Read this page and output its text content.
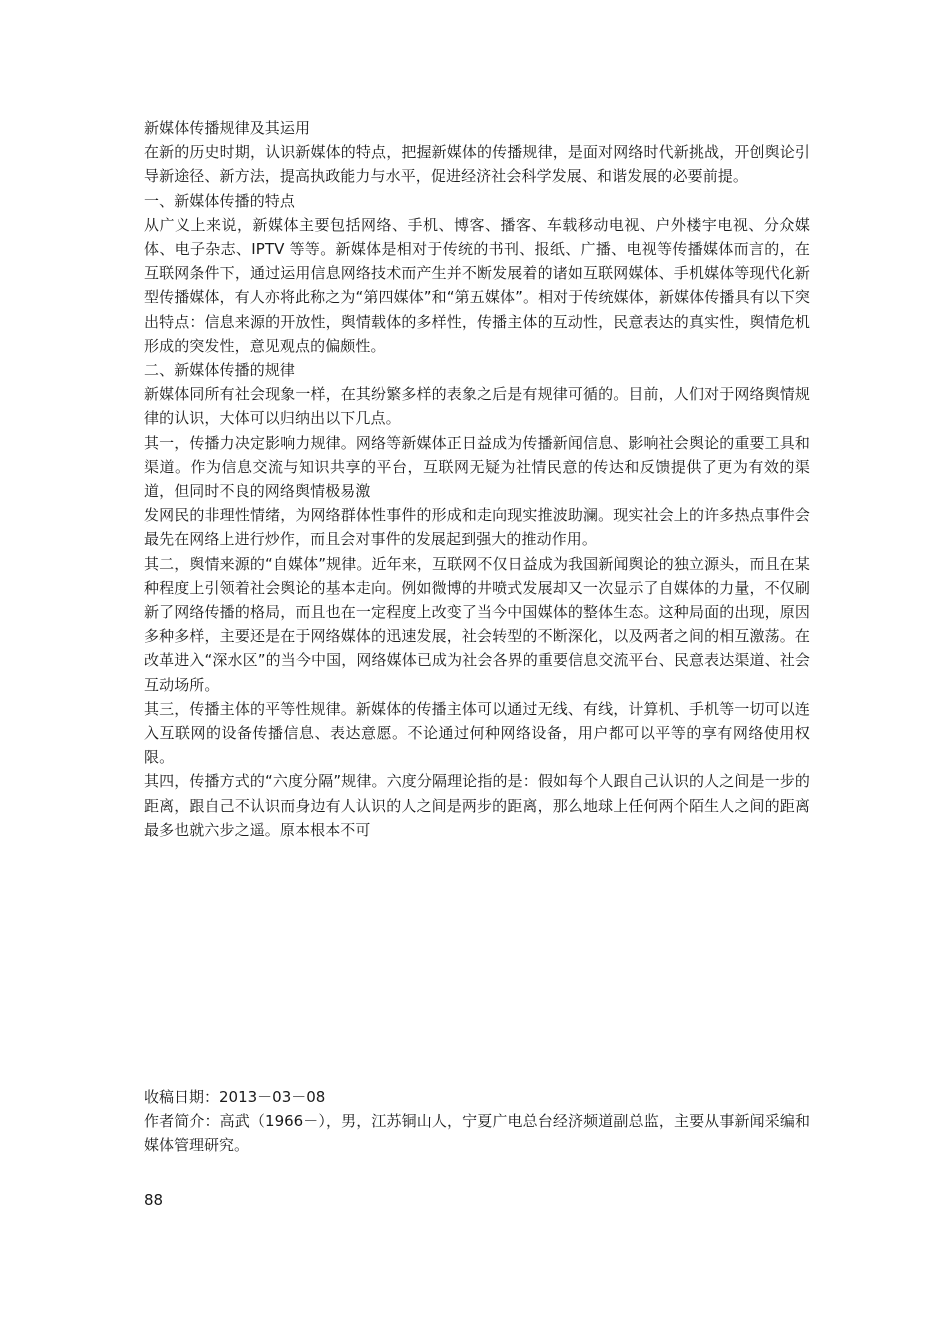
新媒体传播规律及其运用

在新的历史时期，认识新媒体的特点，把握新媒体的传播规律，是面对网络时代新挑战，开创舆论引导新途径、新方法，提高执政能力与水平，促进经济社会科学发展、和谐发展的必要前提。

一、新媒体传播的特点

从广义上来说，新媒体主要包括网络、手机、博客、播客、车载移动电视、户外楼宇电视、分众媒体、电子杂志、IPTV 等等。新媒体是相对于传统的书刊、报纸、广播、电视等传播媒体而言的，在互联网条件下，通过运用信息网络技术而产生并不断发展着的诸如互联网媒体、手机媒体等现代化新型传播媒体，有人亦将此称之为“第四媒体”和“第五媒体”。相对于传统媒体，新媒体传播具有以下突出特点：信息来源的开放性，舆情载体的多样性，传播主体的互动性，民意表达的真实性，舆情危机形成的突发性，意见观点的偏颇性。

二、新媒体传播的规律

新媒体同所有社会现象一样，在其纷繁多样的表象之后是有规律可循的。目前，人们对于网络舆情规律的认识，大体可以归纳出以下几点。

其一，传播力决定影响力规律。网络等新媒体正日益成为传播新闻信息、影响社会舆论的重要工具和渠道。作为信息交流与知识共享的平台，互联网无疑为社情民意的传达和反馈提供了更为有效的渠道，但同时不良的网络舆情极易激

发网民的非理性情绪，为网络群体性事件的形成和走向现实推波助澜。现实社会上的许多热点事件会最先在网络上进行炒作，而且会对事件的发展起到强大的推动作用。

其二，舆情来源的“自媒体”规律。近年来，互联网不仅日益成为我国新闻舆论的独立源头，而且在某种程度上引领着社会舆论的基本走向。例如微博的井喷式发展却又一次显示了自媒体的力量，不仅刷新了网络传播的格局，而且也在一定程度上改变了当今中国媒体的整体生态。这种局面的出现，原因多种多样，主要还是在于网络媒体的迅速发展，社会转型的不断深化，以及两者之间的相互激荡。在改革进入“深水区”的当今中国，网络媒体已成为社会各界的重要信息交流平台、民意表达渠道、社会互动场所。

其三，传播主体的平等性规律。新媒体的传播主体可以通过无线、有线，计算机、手机等一切可以连入互联网的设备传播信息、表达意愿。不论通过何种网络设备，用户都可以平等的享有网络使用权限。

其四，传播方式的“六度分隔”规律。六度分隔理论指的是：假如每个人跟自己认识的人之间是一步的距离，跟自己不认识而身边有人认识的人之间是两步的距离，那么地球上任何两个陌生人之间的距离最多也就六步之遥。原本根本不可

收稿日期：2013－03－08

作者简介：高武（1966－），男，江苏铜山人，宁夏广电总台经济频道副总监，主要从事新闻采编和媒体管理研究。

88
